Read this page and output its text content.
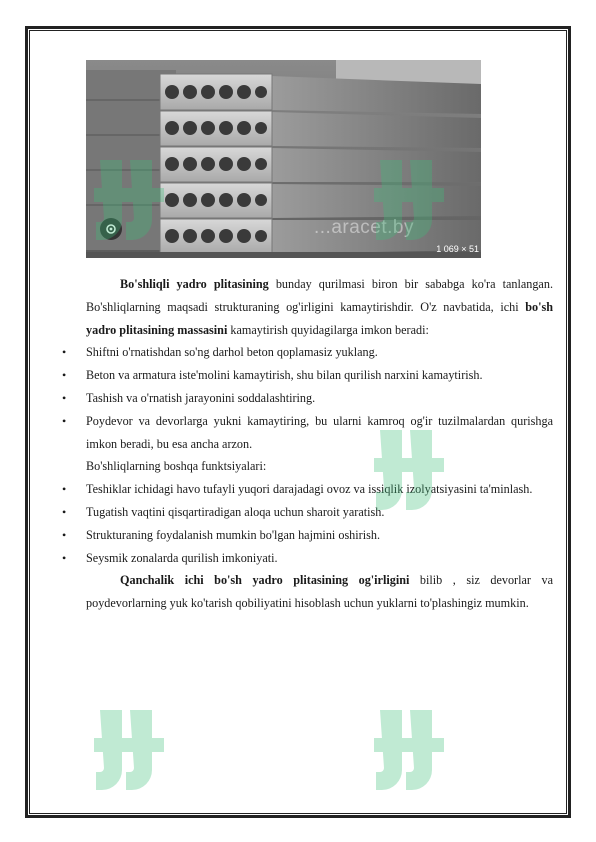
...aracet.by
1 069 × 51

Bo'shliqli yadro plitasining bunday qurilmasi biron bir sababga ko'ra tanlangan. Bo'shliqlarning maqsadi strukturaning og'irligini kamaytirishdir. O'z navbatida, ichi bo'sh yadro plitasining massasini kamaytirish quyidagilarga imkon beradi:

• Shiftni o'rnatishdan so'ng darhol beton qoplamasiz yuklang.
• Beton va armatura iste'molini kamaytirish, shu bilan qurilish narxini kamaytirish.
• Tashish va o'rnatish jarayonini soddalashtiring.
• Poydevor va devorlarga yukni kamaytiring, bu ularni kamroq og'ir tuzilmalardan qurishga imkon beradi, bu esa ancha arzon.

Bo'shliqlarning boshqa funktsiyalari:

• Teshiklar ichidagi havo tufayli yuqori darajadagi ovoz va issiqlik izolyatsiyasini ta'minlash.
• Tugatish vaqtini qisqartiradigan aloqa uchun sharoit yaratish.
• Strukturaning foydalanish mumkin bo'lgan hajmini oshirish.
• Seysmik zonalarda qurilish imkoniyati.

Qanchalik ichi bo'sh yadro plitasining og'irligini bilib , siz devorlar va poydevorlarning yuk ko'tarish qobiliyatini hisoblash uchun yuklarni to'plashingiz mumkin.
